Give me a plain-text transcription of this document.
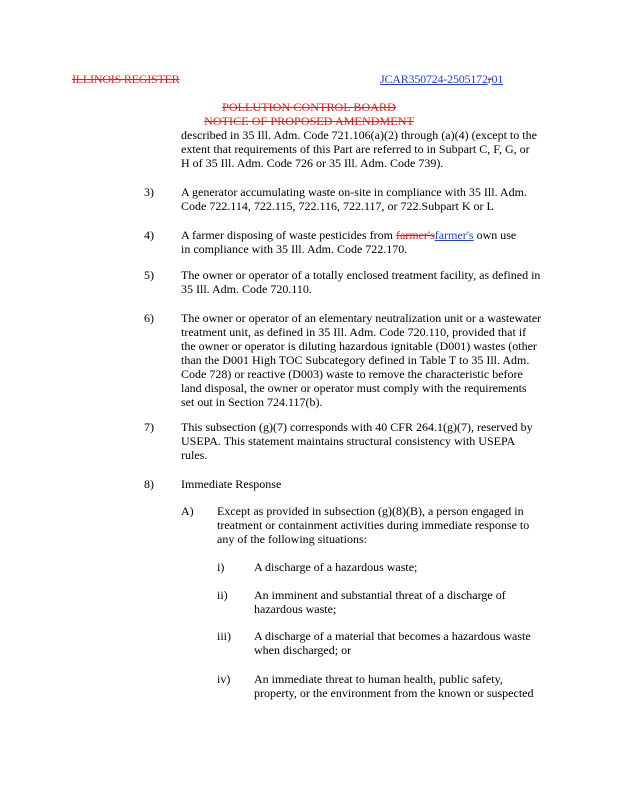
ILLINOIS REGISTER	JCAR350724-2505172r01
POLLUTION CONTROL BOARD
NOTICE OF PROPOSED AMENDMENT
described in 35 Ill. Adm. Code 721.106(a)(2) through (a)(4) (except to the
extent that requirements of this Part are referred to in Subpart C, F, G, or
H of 35 Ill. Adm. Code 726 or 35 Ill. Adm. Code 739).
3) A generator accumulating waste on-site in compliance with 35 Ill. Adm.
Code 722.114, 722.115, 722.116, 722.117, or 722.Subpart K or L
4) A farmer disposing of waste pesticides from farmer'sfarmer's own use
in compliance with 35 Ill. Adm. Code 722.170.
5) The owner or operator of a totally enclosed treatment facility, as defined in
35 Ill. Adm. Code 720.110.
6) The owner or operator of an elementary neutralization unit or a wastewater
treatment unit, as defined in 35 Ill. Adm. Code 720.110, provided that if
the owner or operator is diluting hazardous ignitable (D001) wastes (other
than the D001 High TOC Subcategory defined in Table T to 35 Ill. Adm.
Code 728) or reactive (D003) waste to remove the characteristic before
land disposal, the owner or operator must comply with the requirements
set out in Section 724.117(b).
7) This subsection (g)(7) corresponds with 40 CFR 264.1(g)(7), reserved by
USEPA. This statement maintains structural consistency with USEPA
rules.
8) Immediate Response
A) Except as provided in subsection (g)(8)(B), a person engaged in
treatment or containment activities during immediate response to
any of the following situations:
i) A discharge of a hazardous waste;
ii) An imminent and substantial threat of a discharge of
hazardous waste;
iii) A discharge of a material that becomes a hazardous waste
when discharged; or
iv) An immediate threat to human health, public safety,
property, or the environment from the known or suspected
